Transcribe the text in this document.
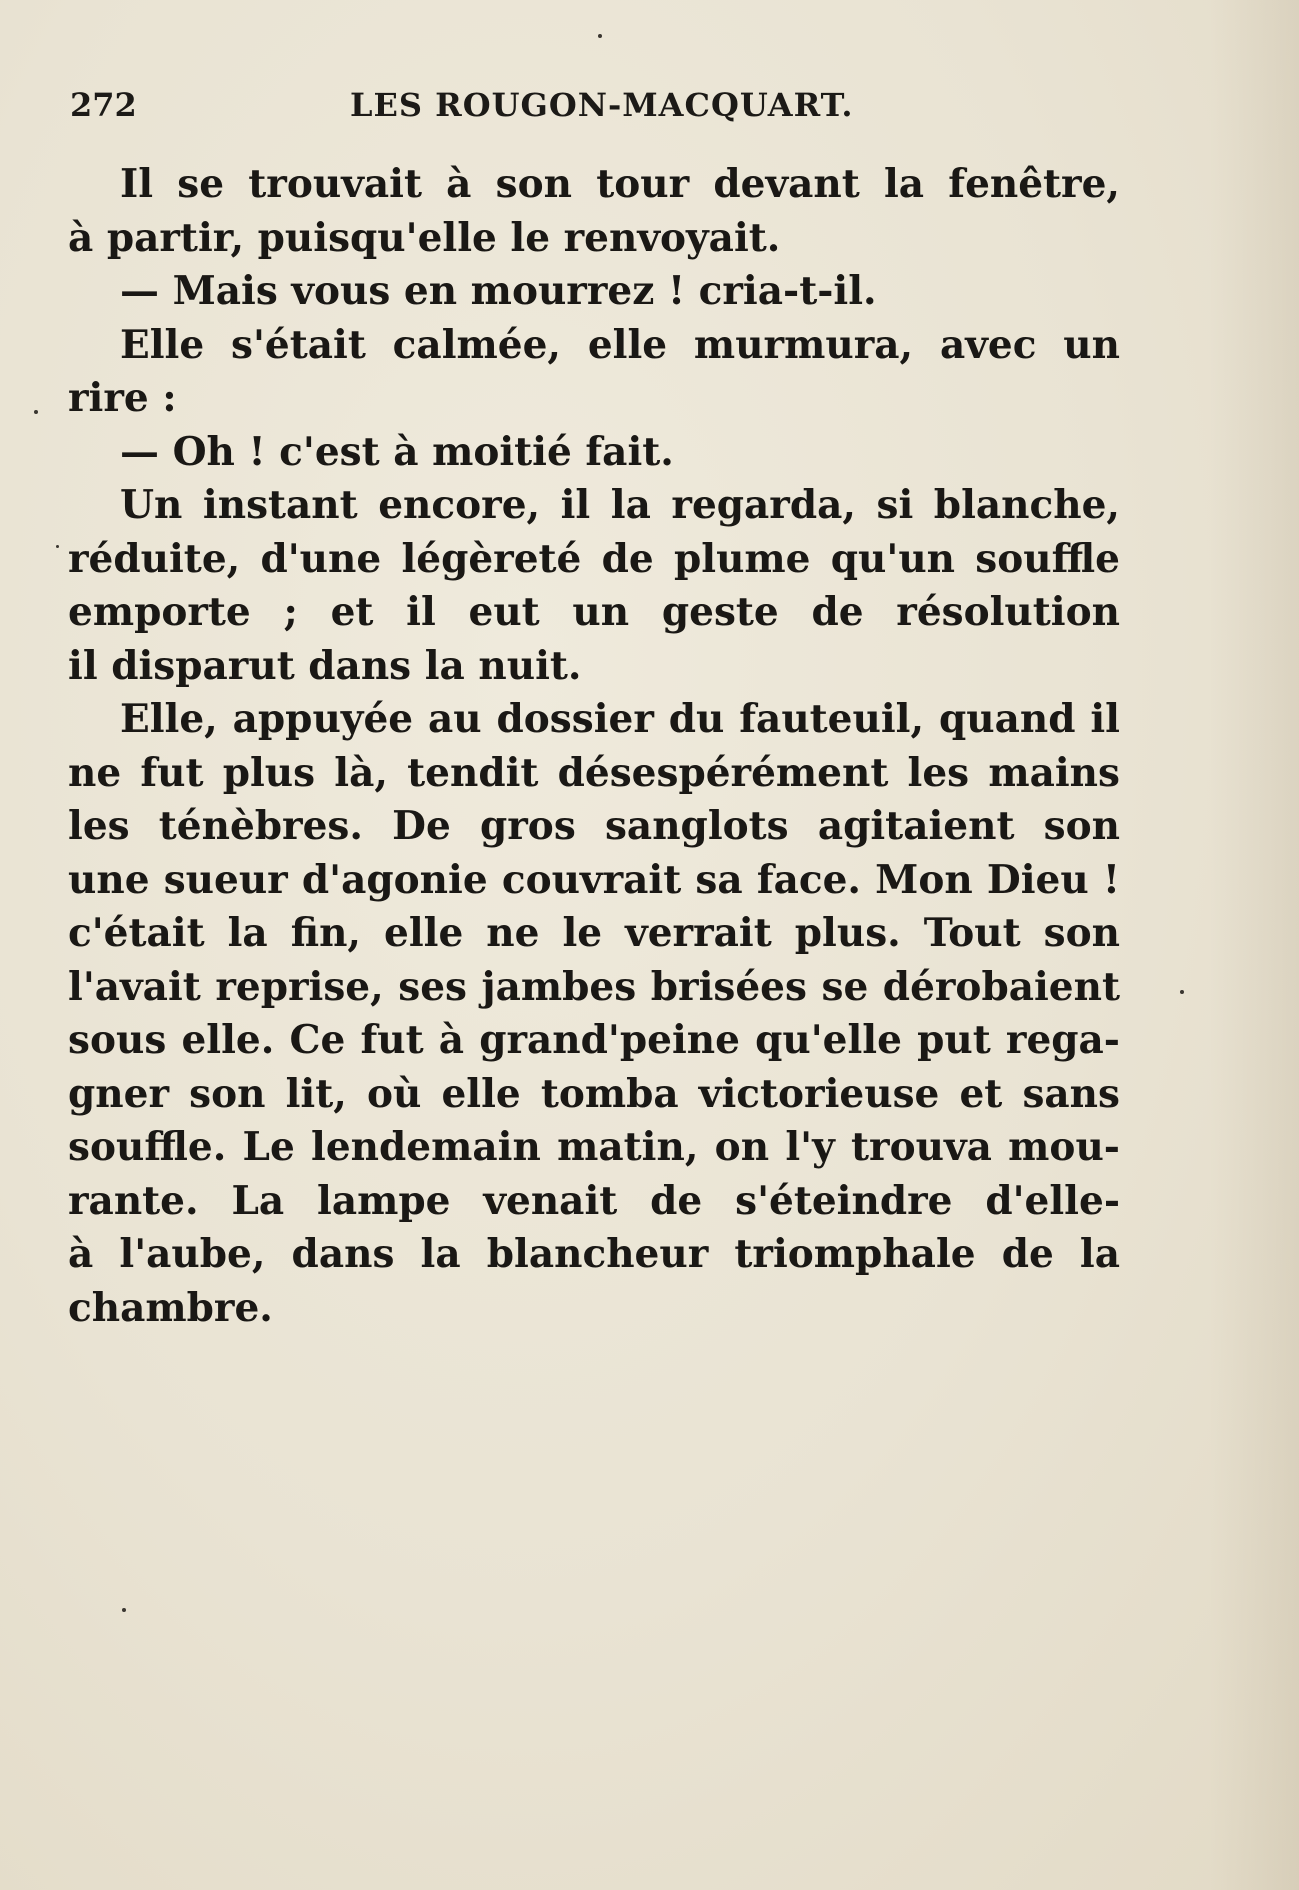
272	LES ROUGON-MACQUART.
Il se trouvait à son tour devant la fenêtre,
à partir, puisqu'elle le renvoyait.
— Mais vous en mourrez ! cria-t-il.
Elle s'était calmée, elle murmura, avec un
rire :
— Oh ! c'est à moitié fait.
Un instant encore, il la regarda, si blanche,
réduite, d'une légèreté de plume qu'un souffle
emporte ; et il eut un geste de résolution
il disparut dans la nuit.
Elle, appuyée au dossier du fauteuil, quand il
ne fut plus là, tendit désespérément les mains
les ténèbres. De gros sanglots agitaient son
une sueur d'agonie couvrait sa face. Mon Dieu !
c'était la fin, elle ne le verrait plus. Tout son
l'avait reprise, ses jambes brisées se dérobaient
sous elle. Ce fut à grand'peine qu'elle put rega-
gner son lit, où elle tomba victorieuse et sans
souffle. Le lendemain matin, on l'y trouva mou-
rante. La lampe venait de s'éteindre d'elle-
à l'aube, dans la blancheur triomphale de la
chambre.
